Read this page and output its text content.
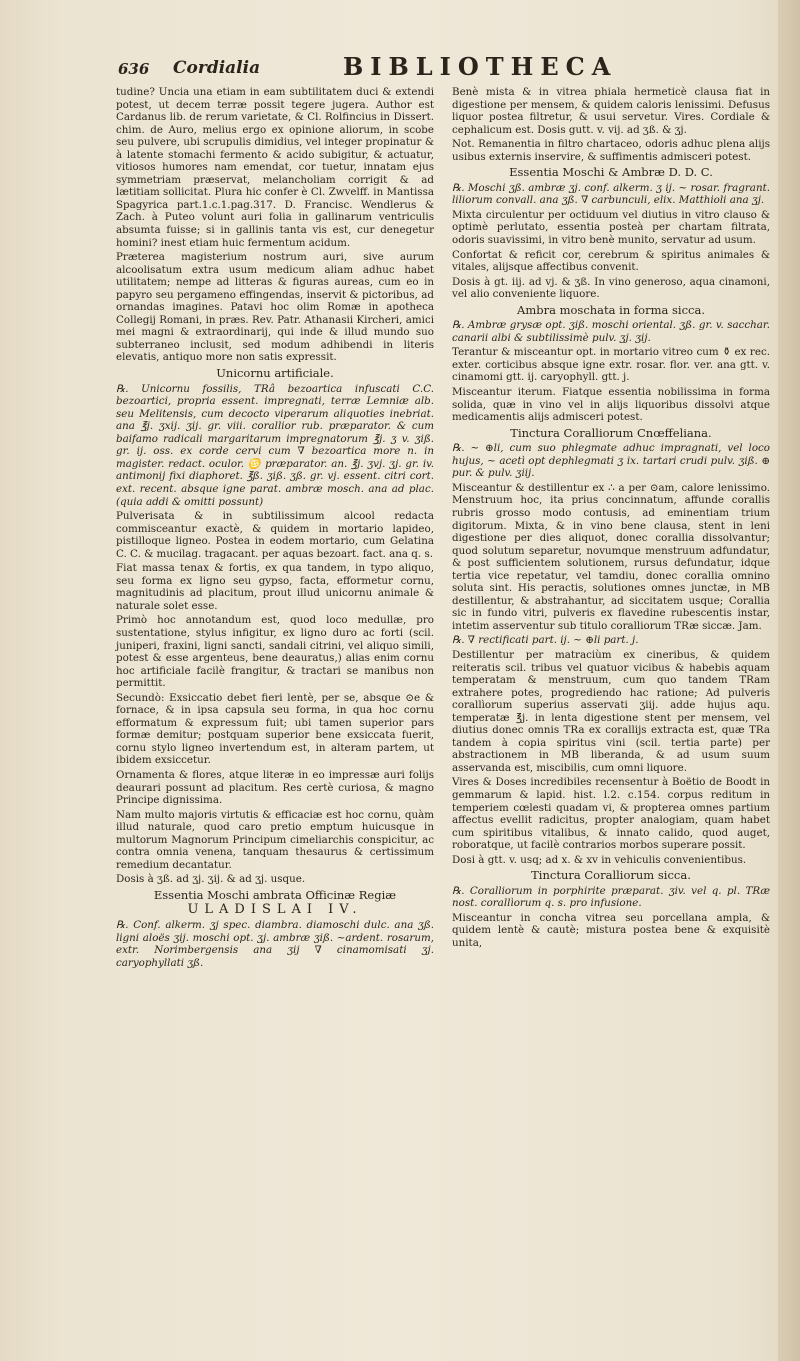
636 Cordialia	BIBLIOTHECA

tudine? Uncia una etiam in eam subtilitatem duci & extendi potest, ut decem terræ possit tegere jugera. Author est Cardanus lib. de rerum varietate, & Cl. Rolfincius in Dissert. chim. de Auro, melius ergo ex opinione aliorum, in scobe seu pulvere, ubi scrupulis dimidius, vel integer propinatur & à latente stomachi fermento & acido subigitur, & actuatur, vitiosos humores nam emendat, cor tuetur, innatam ejus symmetriam præservat, melancholiam corrigit & ad lætitiam sollicitat. Plura hic confer è Cl. Zwvelff. in Mantissa Spagyrica part.1.c.1.pag.317. D. Francisc. Wendlerus & Zach. à Puteo volunt auri folia in gallinarum ventriculis absumta fuisse; si in gallinis tanta vis est, cur denegetur homini? inest etiam huic fermentum acidum.

Præterea magisterium nostrum auri, sive aurum alcoolisatum extra usum medicum aliam adhuc habet utilitatem; nempe ad litteras & figuras aureas, cum eo in papyro seu pergameno effingendas, inservit & pictoribus, ad ornandas imagines. Patavi hoc olim Romæ in apotheca Collegij Romani, in præs. Rev. Patr. Athanasii Kircheri, amici mei magni & extraordinarij, qui inde & illud mundo suo subterraneo inclusit, sed modum adhibendi in literis elevatis, antiquo more non satis expressit.

Unicornu artificiale.

℞. Unicornu fossilis, TRâ bezoartica infuscati C.C. bezoartici, propria essent. impregnati, terræ Lemniæ alb. seu Melitensis, cum decocto viperarum aliquoties inebriat. ana ℥j. ʒxij. ʒij. gr. viii. corallior rub. præparator. & cum baifamo radicali margaritarum impregnatorum ℥j. ʒ v. ʒiß. gr. ij. oss. ex corde cervi cum ∇ bezoartica more n. in magister. redact. oculor. ♋ præparator. an. ℥j. ʒvj. ʒj. gr. iv. antimonij fixi diaphoret. ℥ß. ʒiß. ʒß. gr. vj. essent. citri cort. ext. recent. absque igne parat. ambræ mosch. ana ad plac. (quia addi & omitti possunt)

Pulverisata & in subtilissimum alcool redacta commisceantur exactè, & quidem in mortario lapideo, pistilloque ligneo. Postea in eodem mortario, cum Gelatina C. C. & mucilag. tragacant. per aquas bezoart. fact. ana q. s.

Fiat massa tenax & fortis, ex qua tandem, in typo aliquo, seu forma ex ligno seu gypso, facta, efformetur cornu, magnitudinis ad placitum, prout illud unicornu animale & naturale solet esse.

Primò hoc annotandum est, quod loco medullæ, pro sustentatione, stylus infigitur, ex ligno duro ac forti (scil. juniperi, fraxini, ligni sancti, sandali citrini, vel aliquo simili, potest & esse argenteus, bene deauratus,) alias enim cornu hoc artificiale facilè frangitur, & tractari se manibus non permittit.

Secundò: Exsiccatio debet fieri lentè, per se, absque ⊙e & fornace, & in ipsa capsula seu forma, in qua hoc cornu efformatum & expressum fuit; ubi tamen superior pars formæ demitur; postquam superior bene exsiccata fuerit, cornu stylo ligneo invertendum est, in alteram partem, ut ibidem exsiccetur.

Ornamenta & flores, atque literæ in eo impressæ auri folijs deaurari possunt ad placitum. Res certè curiosa, & magno Principe dignissima.

Nam multo majoris virtutis & efficaciæ est hoc cornu, quàm illud naturale, quod caro pretio emptum huicusque in multorum Magnorum Principum cimeliarchis conspicitur, ac contra omnia venena, tanquam thesaurus & certissimum remedium decantatur.

Dosis à ʒß. ad ʒj. ʒij. & ad ʒj. usque.

Essentia Moschi ambrata Officinæ Regiæ

ULADISLAI IV.

℞. Conf. alkerm. ʒj spec. diambra. diamoschi dulc. ana ʒß. ligni aloës ʒij. moschi opt. ʒj. ambræ ʒiß. ~ardent. rosarum, extr. Norimbergensis ana ʒij ∇ cinamomisati ʒj. caryophyllati ʒß.

Benè mista & in vitrea phiala hermeticè clausa fiat in digestione per mensem, & quidem caloris lenissimi. Defusus liquor postea filtretur, & usui servetur. Vires. Cordiale & cephalicum est. Dosis gutt. v. vij. ad ʒß. & ʒj.

Not. Remanentia in filtro chartaceo, odoris adhuc plena alijs usibus externis inservire, & suffimentis admisceri potest.

Essentia Moschi & Ambræ D. D. C.

℞. Moschi ʒß. ambræ ʒj. conf. alkerm. ʒ ij. ~ rosar. fragrant. liliorum convall. ana ʒß. ∇ carbunculi, elix. Matthioli ana ʒj.

Mixta circulentur per octiduum vel diutius in vitro clauso & optimè perlutato, essentia posteà per chartam filtrata, odoris suavissimi, in vitro benè munito, servatur ad usum.

Confortat & reficit cor, cerebrum & spiritus animales & vitales, alijsque affectibus convenit.

Dosis à gt. iij. ad vj. & ʒß. In vino generoso, aqua cinamoni, vel alio conveniente liquore.

Ambra moschata in forma sicca.

℞. Ambræ grysæ opt. ʒiß. moschi oriental. ʒß. gr. v. sacchar. canarii albi & subtilissimè pulv. ʒj. ʒij.

Terantur & misceantur opt. in mortario vitreo cum ⚱ ex rec. exter. corticibus absque igne extr. rosar. flor. ver. ana gtt. v. cinamomi gtt. ij. caryophyll. gtt. j.

Misceantur iterum. Fiatque essentia nobilissima in forma solida, quæ in vino vel in alijs liquoribus dissolvi atque medicamentis alijs admisceri potest.

Tinctura Coralliorum Cnœffeliana.

℞. ~ ⊕li, cum suo phlegmate adhuc impragnati, vel loco hujus, ~ acetì opt dephlegmati ʒ ix. tartari crudi pulv. ʒiß. ⊕ pur. & pulv. ʒiij.

Misceantur & destillentur ex ∴ a per ⊙am, calore lenissimo. Menstruum hoc, ita prius concinnatum, affunde corallis rubris grosso modo contusis, ad eminentiam trium digitorum. Mixta, & in vino bene clausa, stent in leni digestione per dies aliquot, donec corallia dissolvantur; quod solutum separetur, novumque menstruum adfundatur, & post sufficientem solutionem, rursus defundatur, idque tertia vice repetatur, vel tamdiu, donec corallia omnino soluta sint. His peractis, solutiones omnes junctæ, in MB destillentur, & abstrahantur, ad siccitatem usque; Corallia sic in fundo vitri, pulveris ex flavedine rubescentis instar, intetim asserventur sub titulo coralliorum TRæ siccæ. Jam.

℞. ∇ rectificati part. ij. ~ ⊕li part. j.

Destillentur per matraciùm ex cineribus, & quidem reiteratis scil. tribus vel quatuor vicibus & habebis aquam temperatam & menstruum, cum quo tandem TRam extrahere potes, progrediendo hac ratione; Ad pulveris corallìorum superius asservati ʒiij. adde hujus aqu. temperatæ ℥j. in lenta digestione stent per mensem, vel diutius donec omnis TRa ex corallijs extracta est, quæ TRa tandem à copia spiritus vini (scil. tertia parte) per abstractionem in MB liberanda, & ad usum suum asservanda est, miscibilis, cum omni liquore.

Vires & Doses incredibiles recensentur à Boëtio de Boodt in gemmarum & lapid. hist. l.2. c.154. corpus reditum in temperiem cœlesti quadam vi, & propterea omnes partium affectus evellit radicitus, propter analogiam, quam habet cum spiritibus vitalibus, & innato calido, quod auget, roboratque, ut facilè contrarios morbos superare possit.

Dosi à gtt. v. usq; ad x. & xv in vehiculis convenientibus.

Tinctura Coralliorum sicca.

℞. Coralliorum in porphirite præparat. ʒiv. vel q. pl. TRæ nost. corallìorum q. s. pro infusione.

Misceantur in concha vitrea seu porcellana ampla, & quidem lentè & cautè; mistura postea bene & exquisitè unita,
